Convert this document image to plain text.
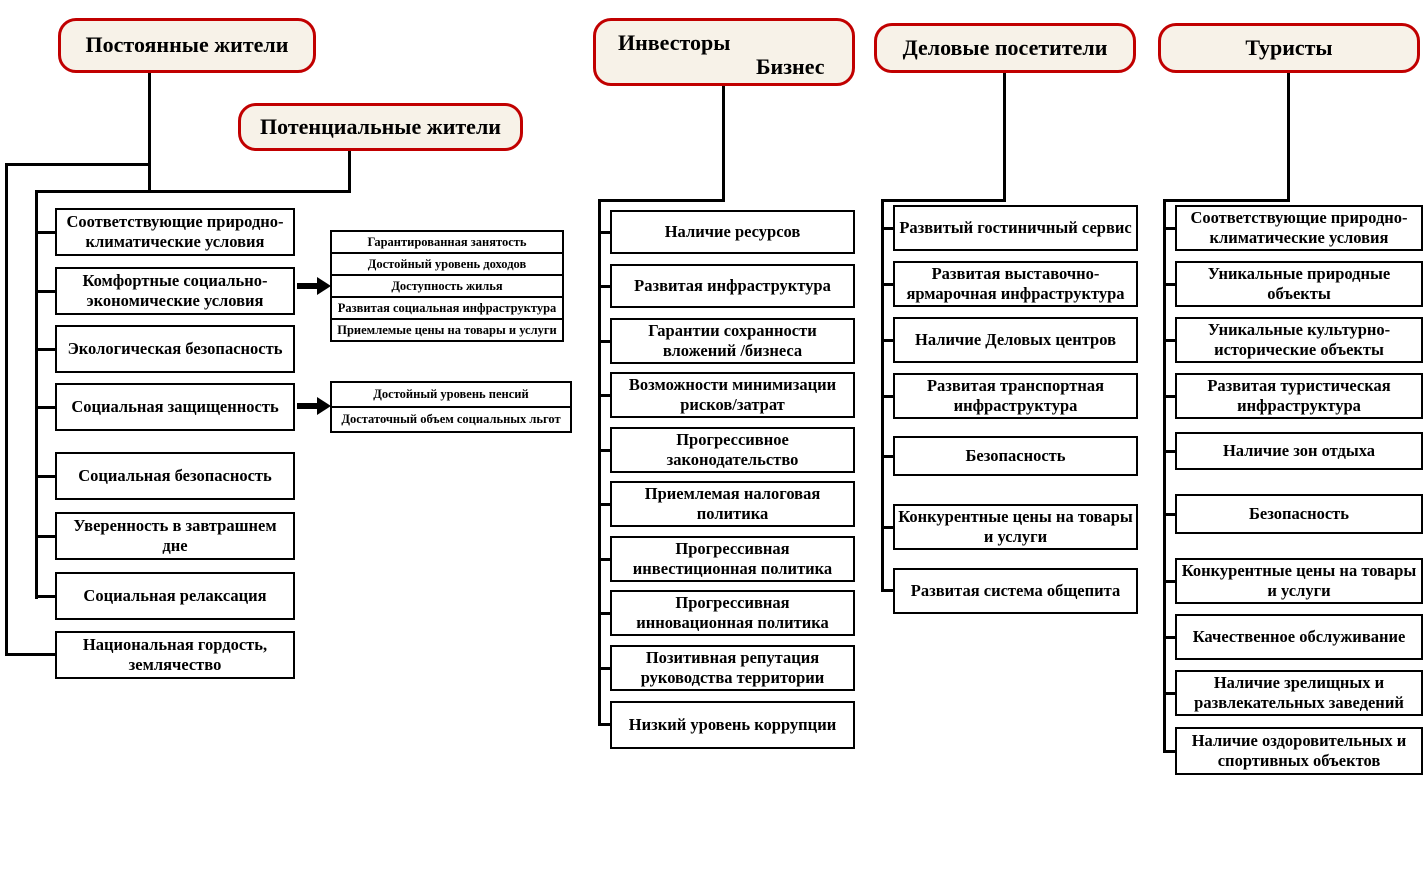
Постоянные жители
Потенциальные жители
Инвесторы
Бизнес
Деловые посетители	Туристы
Соответствующие природно-климатические условия
Комфортные социально-экономические условия
Экологическая безопасность
Социальная защищенность
Социальная безопасность
Уверенность в завтрашнем дне
Социальная релаксация
Национальная гордость, землячество
Гарантированная занятость
Достойный уровень доходов
Доступность жилья
Развитая социальная инфраструктура
Приемлемые цены на товары и услуги
Достойный уровень пенсий
Достаточный объем социальных льгот
Наличие ресурсов
Развитая инфраструктура
Гарантии сохранности вложений /бизнеса
Возможности минимизации рисков/затрат
Прогрессивное законодательство
Приемлемая налоговая политика
Прогрессивная инвестиционная политика
Прогрессивная инновационная политика
Позитивная репутация руководства территории
Низкий уровень коррупции
Развитый гостиничный сервис
Развитая выставочно-ярмарочная инфраструктура
Наличие Деловых центров
Развитая транспортная инфраструктура
Безопасность
Конкурентные цены на товары и услуги
Развитая система общепита
Соответствующие природно-климатические условия
Уникальные природные объекты
Уникальные культурно-исторические объекты
Развитая туристическая инфраструктура
Наличие зон отдыха
Безопасность
Конкурентные цены на товары и услуги
Качественное обслуживание
Наличие зрелищных и развлекательных заведений
Наличие оздоровительных и спортивных объектов
